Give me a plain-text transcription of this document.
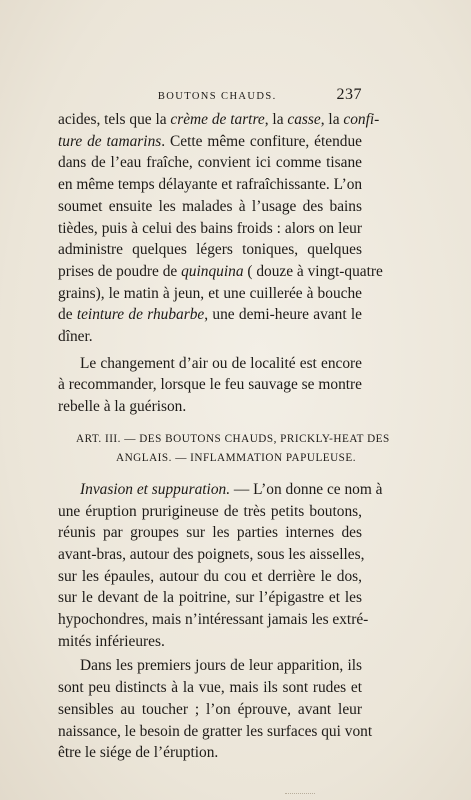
BOUTONS CHAUDS.	237

acides, tels que la crème de tartre, la casse, la confi-
ture de tamarins. Cette même confiture, étendue
dans de l’eau fraîche, convient ici comme tisane
en même temps délayante et rafraîchissante. L’on
soumet ensuite les malades à l’usage des bains
tièdes, puis à celui des bains froids : alors on leur
administre quelques légers toniques, quelques
prises de poudre de quinquina ( douze à vingt-quatre
grains), le matin à jeun, et une cuillerée à bouche
de teinture de rhubarbe, une demi-heure avant le
dîner.

Le changement d’air ou de localité est encore
à recommander, lorsque le feu sauvage se montre
rebelle à la guérison.

ART. III. — DES BOUTONS CHAUDS, PRICKLY-HEAT DES
ANGLAIS. — INFLAMMATION PAPULEUSE.

Invasion et suppuration. — L’on donne ce nom à
une éruption prurigineuse de très petits boutons,
réunis par groupes sur les parties internes des
avant-bras, autour des poignets, sous les aisselles,
sur les épaules, autour du cou et derrière le dos,
sur le devant de la poitrine, sur l’épigastre et les
hypochondres, mais n’intéressant jamais les extré-
mités inférieures.

Dans les premiers jours de leur apparition, ils
sont peu distincts à la vue, mais ils sont rudes et
sensibles au toucher ; l’on éprouve, avant leur
naissance, le besoin de gratter les surfaces qui vont
être le siége de l’éruption.
